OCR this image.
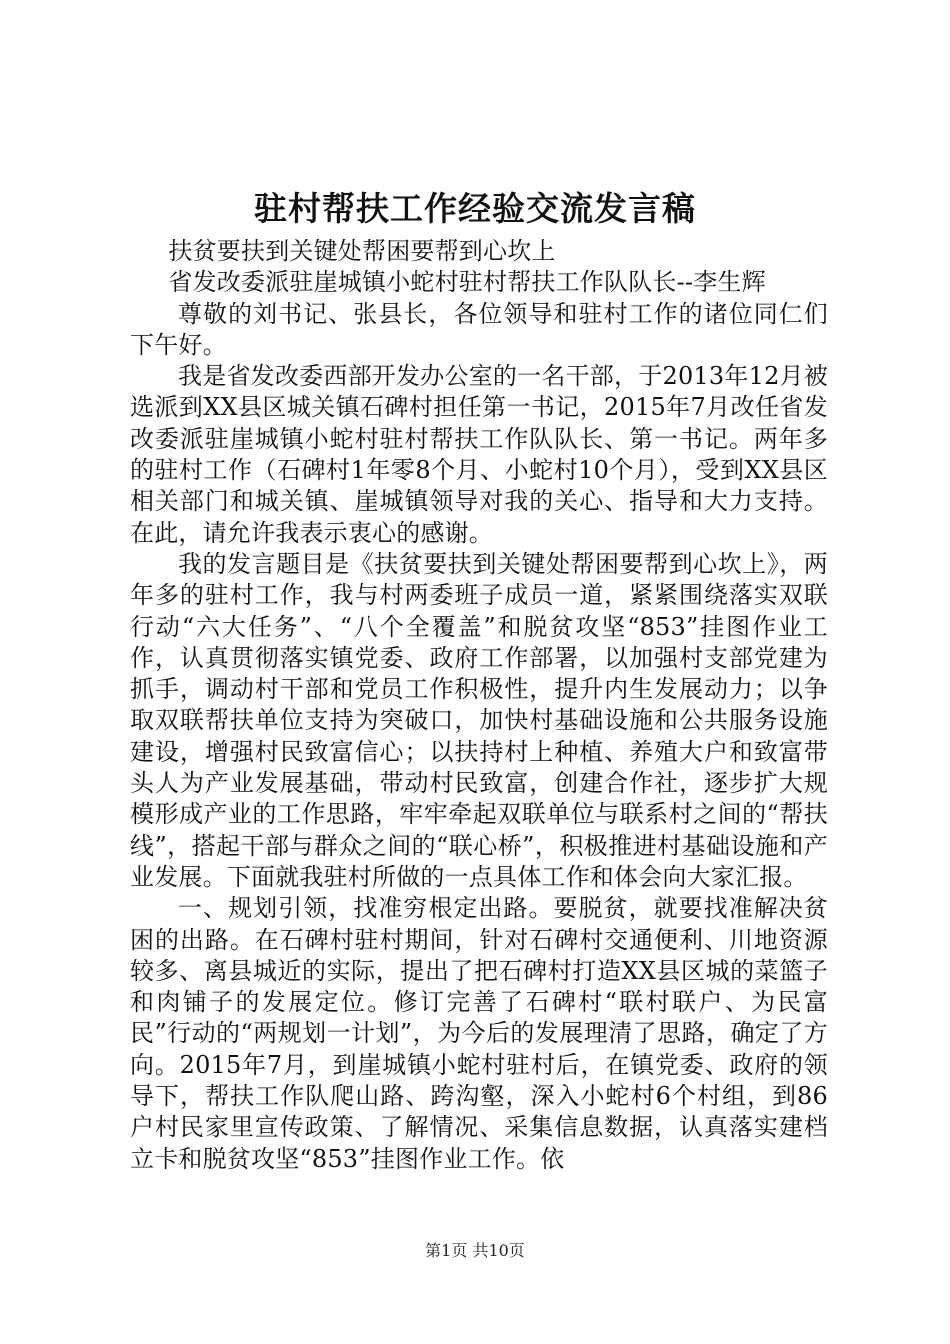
驻村帮扶工作经验交流发言稿

扶贫要扶到关键处帮困要帮到心坎上

省发改委派驻崖城镇小蛇村驻村帮扶工作队队长--李生辉

尊敬的刘书记、张县长，各位领导和驻村工作的诸位同仁们下午好。

我是省发改委西部开发办公室的一名干部，于2013年12月被选派到XX县区城关镇石碑村担任第一书记，2015年7月改任省发改委派驻崖城镇小蛇村驻村帮扶工作队队长、第一书记。两年多的驻村工作（石碑村1年零8个月、小蛇村10个月），受到XX县区相关部门和城关镇、崖城镇领导对我的关心、指导和大力支持。在此，请允许我表示衷心的感谢。

我的发言题目是《扶贫要扶到关键处帮困要帮到心坎上》，两年多的驻村工作，我与村两委班子成员一道，紧紧围绕落实双联行动“六大任务”、“八个全覆盖”和脱贫攻坚“853”挂图作业工作，认真贯彻落实镇党委、政府工作部署，以加强村支部党建为抓手，调动村干部和党员工作积极性，提升内生发展动力；以争取双联帮扶单位支持为突破口，加快村基础设施和公共服务设施建设，增强村民致富信心；以扶持村上种植、养殖大户和致富带头人为产业发展基础，带动村民致富，创建合作社，逐步扩大规模形成产业的工作思路，牢牢牵起双联单位与联系村之间的“帮扶线”，搭起干部与群众之间的“联心桥”，积极推进村基础设施和产业发展。下面就我驻村所做的一点具体工作和体会向大家汇报。

一、规划引领，找准穷根定出路。要脱贫，就要找准解决贫困的出路。在石碑村驻村期间，针对石碑村交通便利、川地资源较多、离县城近的实际，提出了把石碑村打造XX县区城的菜篮子和肉铺子的发展定位。修订完善了石碑村“联村联户、为民富民”行动的“两规划一计划”，为今后的发展理清了思路，确定了方向。2015年7月，到崖城镇小蛇村驻村后，在镇党委、政府的领导下，帮扶工作队爬山路、跨沟壑，深入小蛇村6个村组，到86户村民家里宣传政策、了解情况、采集信息数据，认真落实建档立卡和脱贫攻坚“853”挂图作业工作。依

第1页 共10页
